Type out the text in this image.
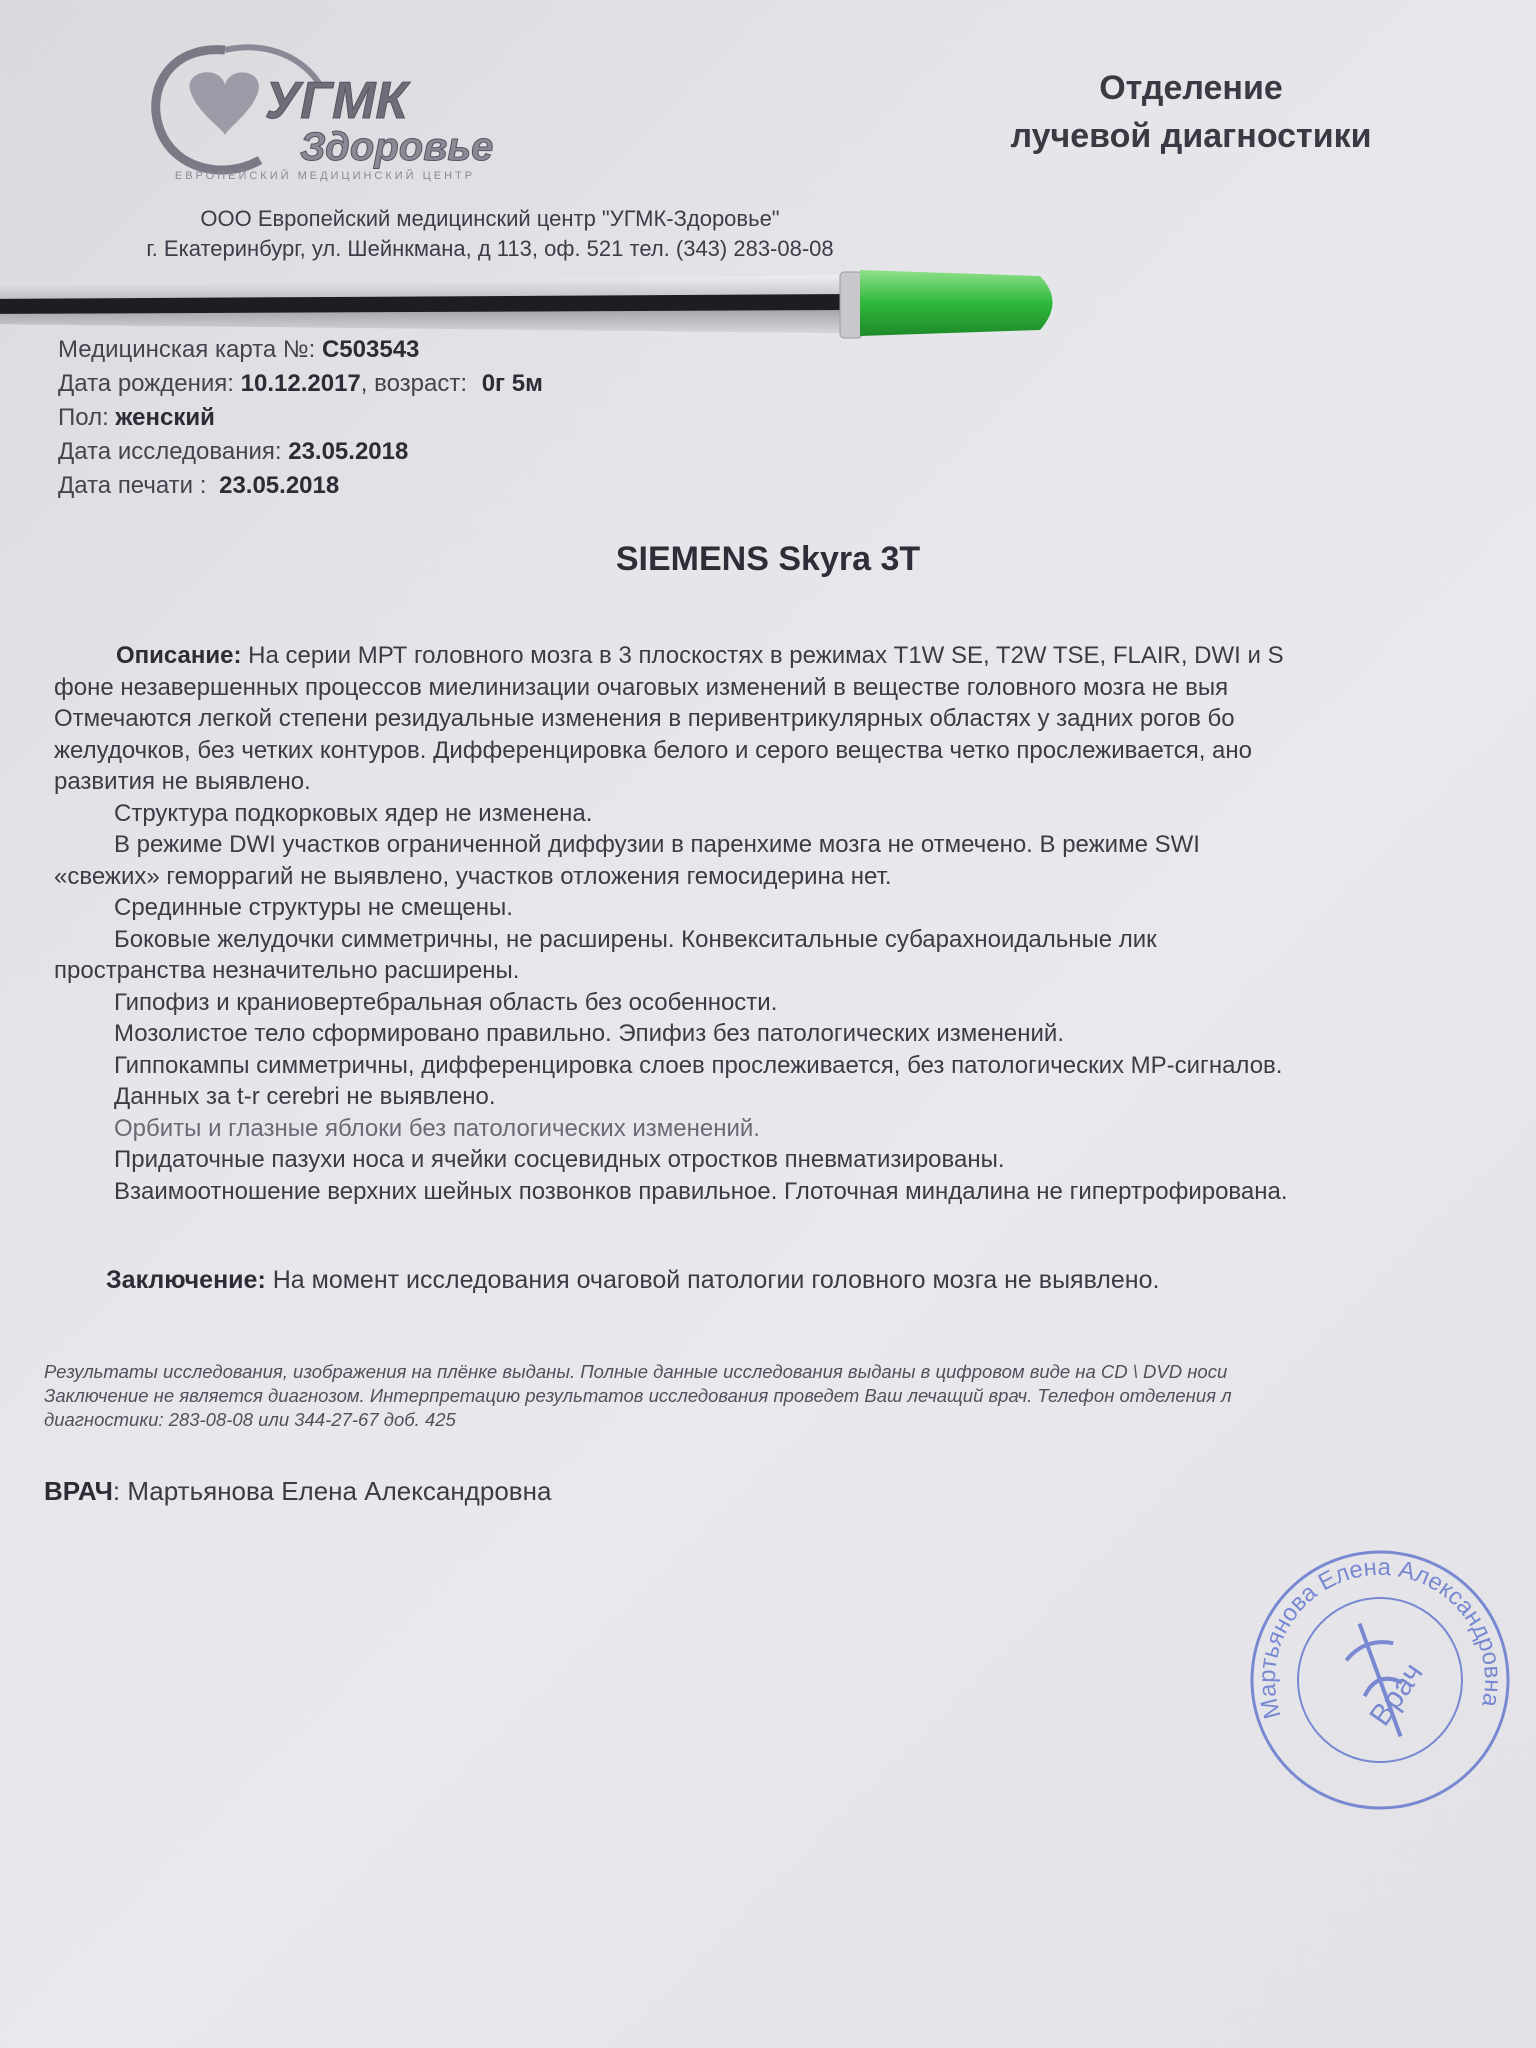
УГМК
Здоровье
ЕВРОПЕЙСКИЙ МЕДИЦИНСКИЙ ЦЕНТР
Отделение
лучевой диагностики
ООО Европейский медицинский центр "УГМК-Здоровье"
г. Екатеринбург, ул. Шейнкмана, д 113, оф. 521 тел. (343) 283-08-08
Медицинская карта №: C503543
Дата рождения: 10.12.2017, возраст: 0г 5м
Пол: женский
Дата исследования: 23.05.2018
Дата печати : 23.05.2018
SIEMENS Skyra 3T

Описание: На серии МРТ головного мозга в 3 плоскостях в режимах T1W SE, T2W TSE, FLAIR, DWI и S

фоне незавершенных процессов миелинизации очаговых изменений в веществе головного мозга не выя

Отмечаются легкой степени резидуальные изменения в перивентрикулярных областях у задних рогов бо

желудочков, без четких контуров. Дифференцировка белого и серого вещества четко прослеживается, ано

развития не выявлено.

Структура подкорковых ядер не изменена.

В режиме DWI участков ограниченной диффузии в паренхиме мозга не отмечено. В режиме SWI

«свежих» геморрагий не выявлено, участков отложения гемосидерина нет.

Срединные структуры не смещены.

Боковые желудочки симметричны, не расширены. Конвекситальные субарахноидальные лик

пространства незначительно расширены.

Гипофиз и краниовертебральная область без особенности.

Мозолистое тело сформировано правильно. Эпифиз без патологических изменений.

Гиппокампы симметричны, дифференцировка слоев прослеживается, без патологических МР-сигналов.

Данных за t-r cerebri не выявлено.

Орбиты и глазные яблоки без патологических изменений.

Придаточные пазухи носа и ячейки сосцевидных отростков пневматизированы.

Взаимоотношение верхних шейных позвонков правильное. Глоточная миндалина не гипертрофирована.

Заключение: На момент исследования очаговой патологии головного мозга не выявлено.
Результаты исследования, изображения на плёнке выданы. Полные данные исследования выданы в цифровом виде на CD \ DVD носи
Заключение не является диагнозом. Интерпретацию результатов исследования проведет Ваш лечащий врач. Телефон отделения л
диагностики: 283-08-08 или 344-27-67 доб. 425
ВРАЧ: Мартьянова Елена Александровна
Мартьянова Елена Александровна
Врач
